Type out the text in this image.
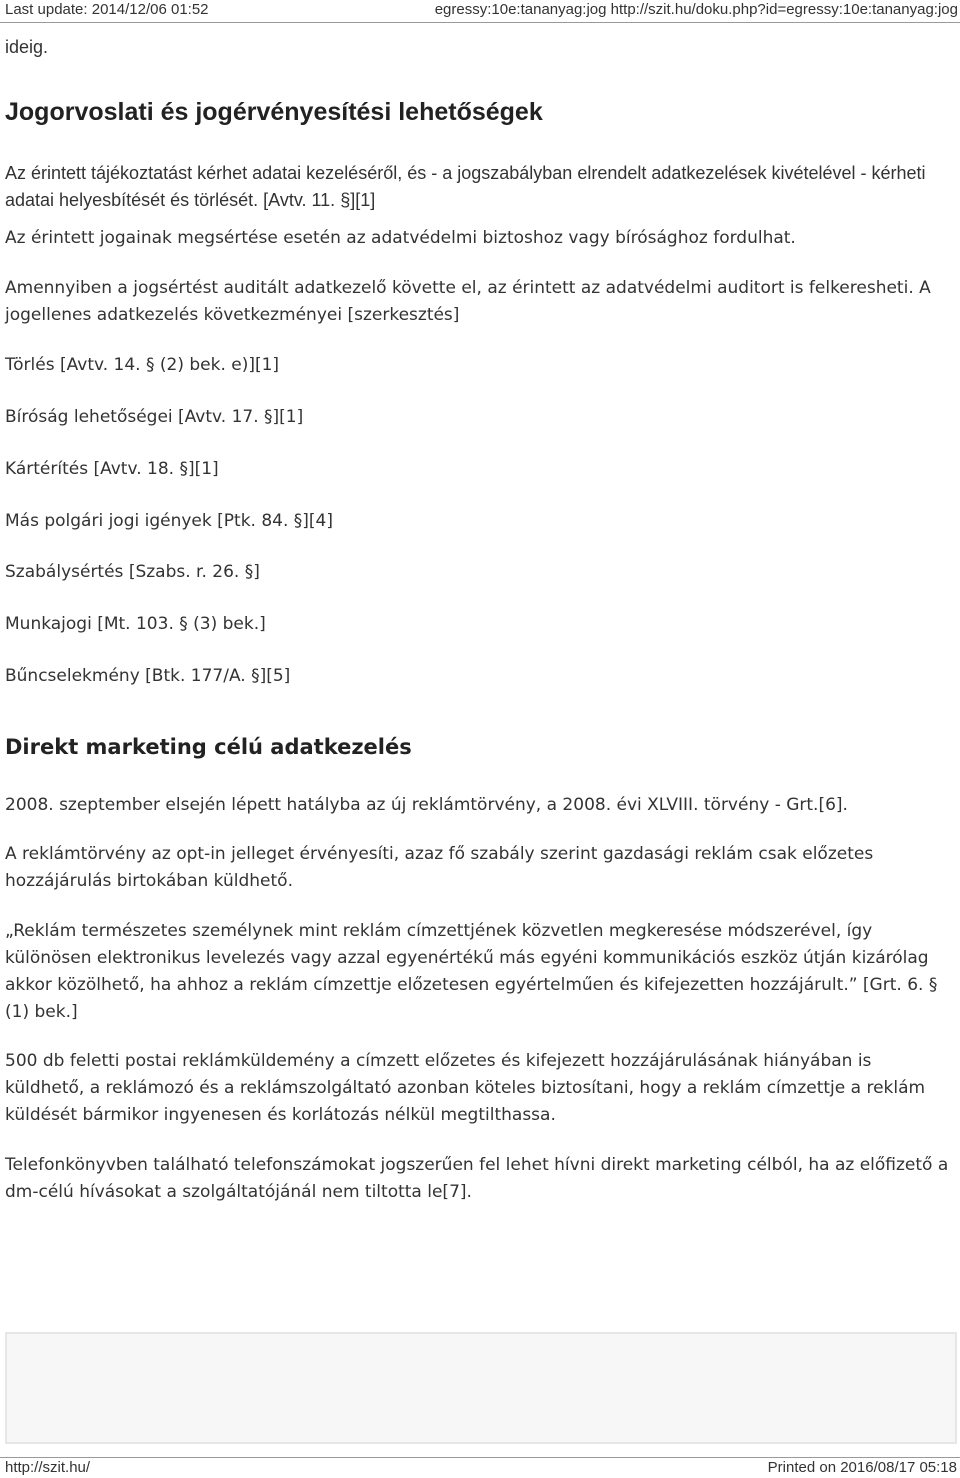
Last update: 2014/12/06 01:52	egressy:10e:tananyag:jog http://szit.hu/doku.php?id=egressy:10e:tananyag:jog

ideig.

Jogorvoslati és jogérvényesítési lehetőségek

Az érintett tájékoztatást kérhet adatai kezeléséről, és - a jogszabályban elrendelt adatkezelések kivételével - kérheti adatai helyesbítését és törlését. [Avtv. 11. §][1]

Az érintett jogainak megsértése esetén az adatvédelmi biztoshoz vagy bírósághoz fordulhat.

Amennyiben a jogsértést auditált adatkezelő követte el, az érintett az adatvédelmi auditort is felkeresheti. A jogellenes adatkezelés következményei [szerkesztés]

Törlés [Avtv. 14. § (2) bek. e)][1]

Bíróság lehetőségei [Avtv. 17. §][1]

Kártérítés [Avtv. 18. §][1]

Más polgári jogi igények [Ptk. 84. §][4]

Szabálysértés [Szabs. r. 26. §]

Munkajogi [Mt. 103. § (3) bek.]

Bűncselekmény [Btk. 177/A. §][5]

Direkt marketing célú adatkezelés

2008. szeptember elsején lépett hatályba az új reklámtörvény, a 2008. évi XLVIII. törvény - Grt.[6].

A reklámtörvény az opt-in jelleget érvényesíti, azaz fő szabály szerint gazdasági reklám csak előzetes hozzájárulás birtokában küldhető.

„Reklám természetes személynek mint reklám címzettjének közvetlen megkeresése módszerével, így különösen elektronikus levelezés vagy azzal egyenértékű más egyéni kommunikációs eszköz útján kizárólag akkor közölhető, ha ahhoz a reklám címzettje előzetesen egyértelműen és kifejezetten hozzájárult.” [Grt. 6. § (1) bek.]

500 db feletti postai reklámküldemény a címzett előzetes és kifejezett hozzájárulásának hiányában is küldhető, a reklámozó és a reklámszolgáltató azonban köteles biztosítani, hogy a reklám címzettje a reklám küldését bármikor ingyenesen és korlátozás nélkül megtilthassa.

Telefonkönyvben található telefonszámokat jogszerűen fel lehet hívni direkt marketing célból, ha az előfizető a dm-célú hívásokat a szolgáltatójánál nem tiltotta le[7].

http://szit.hu/	Printed on 2016/08/17 05:18
